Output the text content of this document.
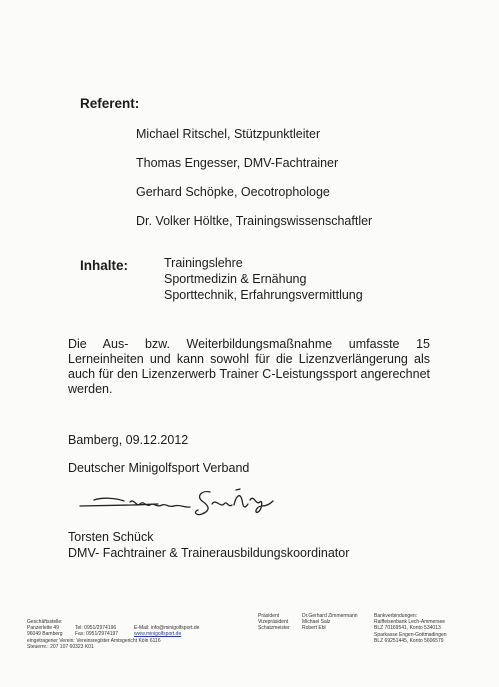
Referent:
Michael Ritschel, Stützpunktleiter
Thomas Engesser, DMV-Fachtrainer
Gerhard Schöpke, Oecotrophologe
Dr. Volker Höltke, Trainingswissenschaftler
Inhalte:	Trainingslehre
Sportmedizin & Ernähung
Sporttechnik, Erfahrungsvermittlung
Die Aus- bzw. Weiterbildungsmaßnahme umfasste 15
Lerneinheiten und kann sowohl für die Lizenzverlängerung als
auch für den Lizenzerwerb Trainer C-Leistungssport angerechnet
werden.
Bamberg, 09.12.2012
Deutscher Minigolfsport Verband
Torsten Schück
DMV- Fachtrainer & Trainerausbildungskoordinator
Geschäftsstelle:
Panzerleite 49
96049 Bamberg
eingetragener Verein: Vereinsregister Amtsgericht Köln 6116
Steuernr.: 207 107 60323 K01

Tel: 0951/2974196
Fax: 0951/2974197

E-Mail: info@minigolfsport.de
www.minigolfsport.de
Präsident
Vizepräsident
Schatzmeister
Dr.Gerhard Zimmermann
Michael Salz
Robert Ebl
Bankverbindungen:
Raiffeisenbank Lech-Ammersee
BLZ 70169541, Konto 534013
Sparkasse Engen-Gottmadingen
BLZ 69251445, Konto 5606579
